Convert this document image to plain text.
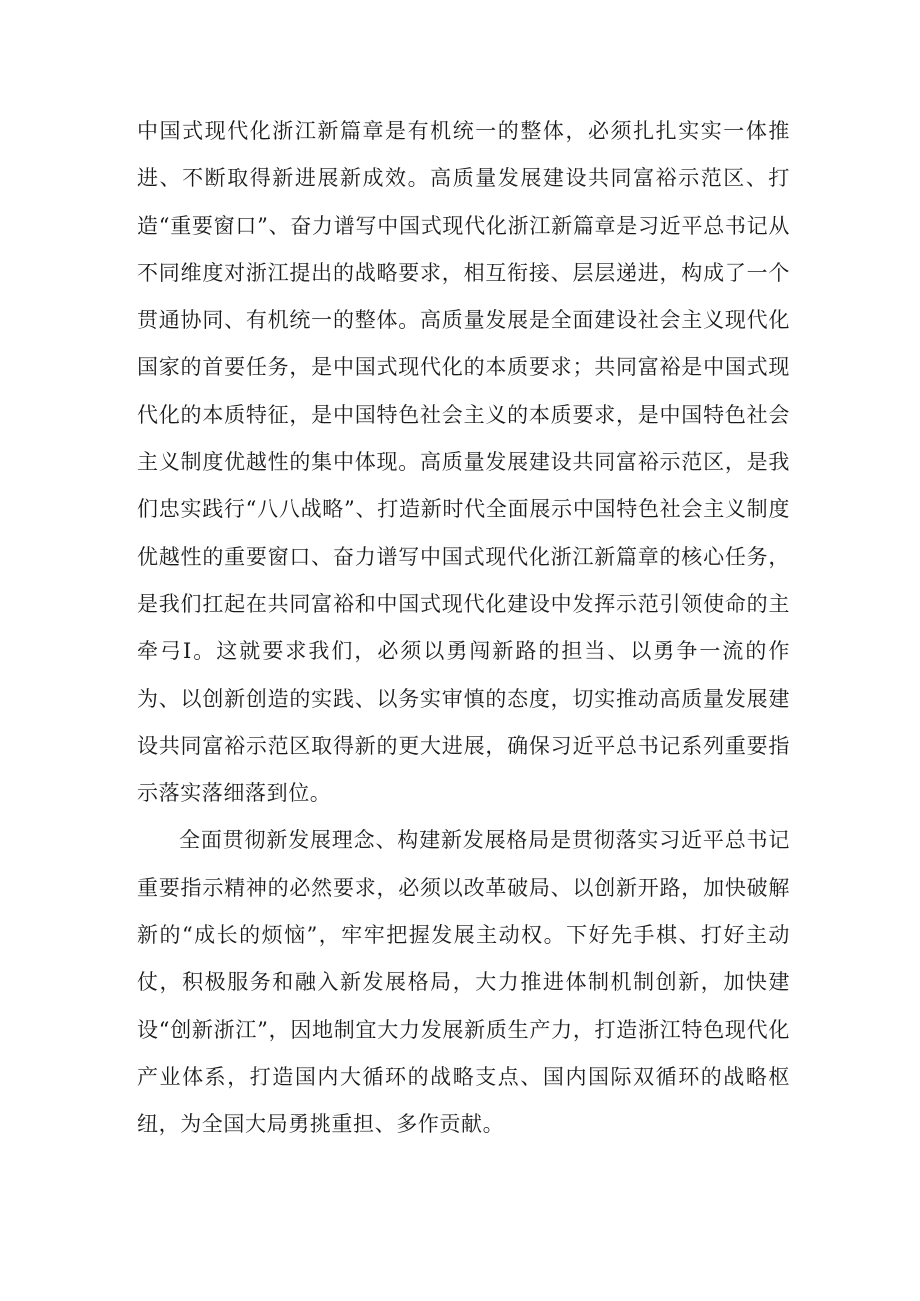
中国式现代化浙江新篇章是有机统一的整体，必须扎扎实实一体推进、不断取得新进展新成效。高质量发展建设共同富裕示范区、打造“重要窗口”、奋力谱写中国式现代化浙江新篇章是习近平总书记从不同维度对浙江提出的战略要求，相互衔接、层层递进，构成了一个贯通协同、有机统一的整体。高质量发展是全面建设社会主义现代化国家的首要任务，是中国式现代化的本质要求；共同富裕是中国式现代化的本质特征，是中国特色社会主义的本质要求，是中国特色社会主义制度优越性的集中体现。高质量发展建设共同富裕示范区，是我们忠实践行“八八战略”、打造新时代全面展示中国特色社会主义制度优越性的重要窗口、奋力谱写中国式现代化浙江新篇章的核心任务，是我们扛起在共同富裕和中国式现代化建设中发挥示范引领使命的主牵弓I。这就要求我们，必须以勇闯新路的担当、以勇争一流的作为、以创新创造的实践、以务实审慎的态度，切实推动高质量发展建设共同富裕示范区取得新的更大进展，确保习近平总书记系列重要指示落实落细落到位。

全面贯彻新发展理念、构建新发展格局是贯彻落实习近平总书记重要指示精神的必然要求，必须以改革破局、以创新开路，加快破解新的“成长的烦恼”，牢牢把握发展主动权。下好先手棋、打好主动仗，积极服务和融入新发展格局，大力推进体制机制创新，加快建设“创新浙江”，因地制宜大力发展新质生产力，打造浙江特色现代化产业体系，打造国内大循环的战略支点、国内国际双循环的战略枢纽，为全国大局勇挑重担、多作贡献。
